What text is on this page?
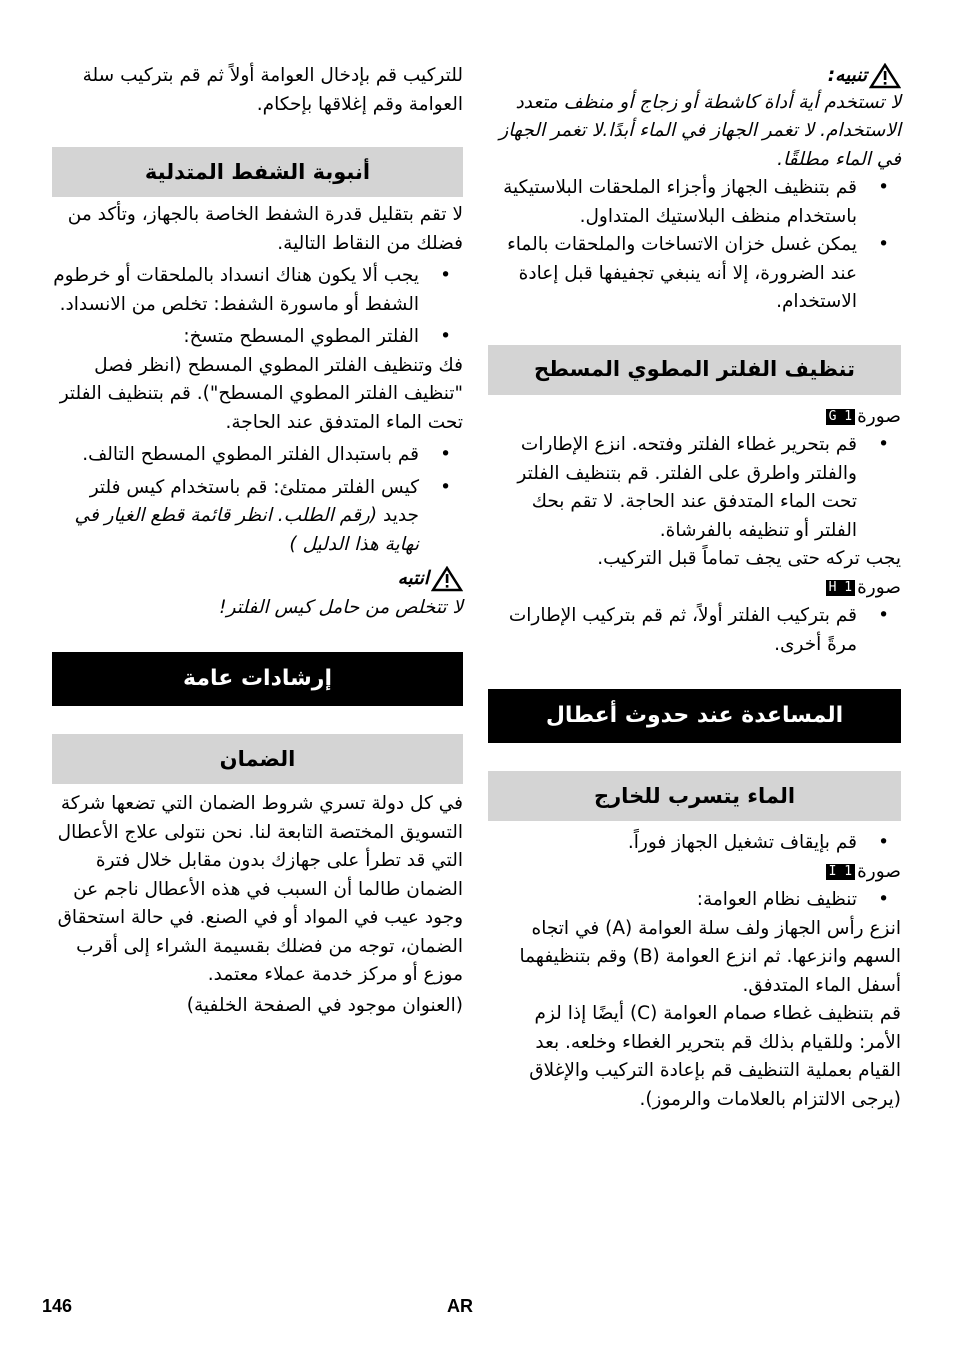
تنبيه:

لا تستخدم أية أداة كاشطة أو زجاج أو منظف متعدد الاستخدام. لا تغمر الجهاز في الماء أبدًا.لا تغمر الجهاز في الماء مطلقًا.

•
قم بتنظيف الجهاز وأجزاء الملحقات البلاستيكية باستخدام منظف البلاستيك المتداول.

•
يمكن غسل خزان الاتساخات والملحقات بالماء عند الضرورة، إلا أنه ينبغي تجفيفها قبل إعادة الاستخدام.

تنظيف الفلتر المطوي المسطح
صورة
G 1

•
قم بتحرير غطاء الفلتر وفتحه. انزع الإطارات والفلتر واطرق على الفلتر. قم بتنظيف الفلتر تحت الماء المتدفق عند الحاجة. لا تقم بحك الفلتر أو تنظيفه بالفرشاة.

يجب تركه حتى يجف تماماً قبل التركيب.

صورة
H 1

•
قم بتركيب الفلتر أولاً، ثم قم بتركيب الإطارات مرةً أخرى.

المساعدة عند حدوث أعطال
الماء يتسرب للخارج

•
قم بإيقاف تشغيل الجهاز فوراً.

صورة
I 1

•
تنظيف نظام العوامة:

انزع رأس الجهاز ولف سلة العوامة (A) في اتجاه السهم وانزعها. ثم انزع العوامة (B) وقم بتنظيفهما أسفل الماء المتدفق.

قم بتنظيف غطاء صمام العوامة (C) أيضًا إذا لزم الأمر: وللقيام بذلك قم بتحرير الغطاء وخلعه. بعد القيام بعملية التنظيف قم بإعادة التركيب والإغلاق (يرجى الالتزام بالعلامات والرموز).

للتركيب قم بإدخال العوامة أولاً ثم قم بتركيب سلة العوامة وقم إغلاقها بإحكام.

أنبوبة الشفط المتدلية

لا تقم بتقليل قدرة الشفط الخاصة بالجهاز، وتأكد من فضلك من النقاط التالية.

•
يجب ألا يكون هناك انسداد بالملحقات أو خرطوم الشفط أو ماسورة الشفط: تخلص من الانسداد.

•
الفلتر المطوي المسطح متسخ:

فك وتنظيف الفلتر المطوي المسطح (انظر فصل "تنظيف الفلتر المطوي المسطح"). قم بتنظيف الفلتر تحت الماء المتدفق عند الحاجة.

•
قم باستبدال الفلتر المطوي المسطح التالف.

•
كيس الفلتر ممتلئ: قم باستخدام كيس فلتر جديد (رقم الطلب. انظر قائمة قطع الغيار في نهاية هذا الدليل )

انتبه

لا تتخلص من حامل كيس الفلتر!

إرشادات عامة
الضمان

في كل دولة تسري شروط الضمان التي تضعها شركة التسويق المختصة التابعة لنا. نحن نتولى علاج الأعطال التي قد تطرأ على جهازك بدون مقابل خلال فترة الضمان طالما أن السبب في هذه الأعطال ناجم عن وجود عيب في المواد أو في الصنع. في حالة استحقاق الضمان، توجه من فضلك بقسيمة الشراء إلى أقرب موزع أو مركز خدمة عملاء معتمد.

(العنوان موجود في الصفحة الخلفية)

146	AR
